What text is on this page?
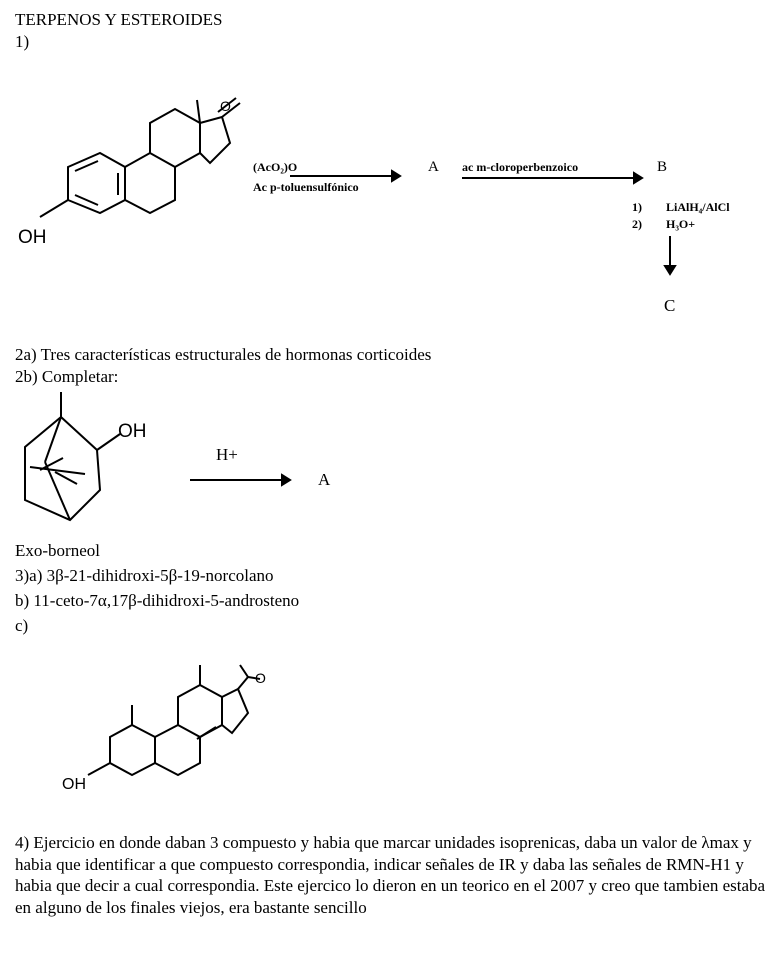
TERPENOS Y ESTEROIDES
1)
OH
O
(AcO₂)O
Ac p-toluensulfónico
A ac m-cloroperbenzoico	B
1) LiAlH₄/AlCl
2) H₃O+
C
2a) Tres características estructurales de hormonas corticoides
2b) Completar:
OH
H+
A
Exo-borneol
3)a) 3β-21-dihidroxi-5β-19-norcolano
b) 11-ceto-7α,17β-dihidroxi-5-androsteno
c)
OH
O
4) Ejercicio en donde daban 3 compuesto y habia que marcar unidades isoprenicas, daba un valor de λmax y habia que identificar a que compuesto correspondia, indicar señales de IR y daba las señales de RMN-H1 y habia que decir a cual correspondia. Este ejercico lo dieron en un teorico en el 2007 y creo que tambien estaba en alguno de los finales viejos, era bastante sencillo
